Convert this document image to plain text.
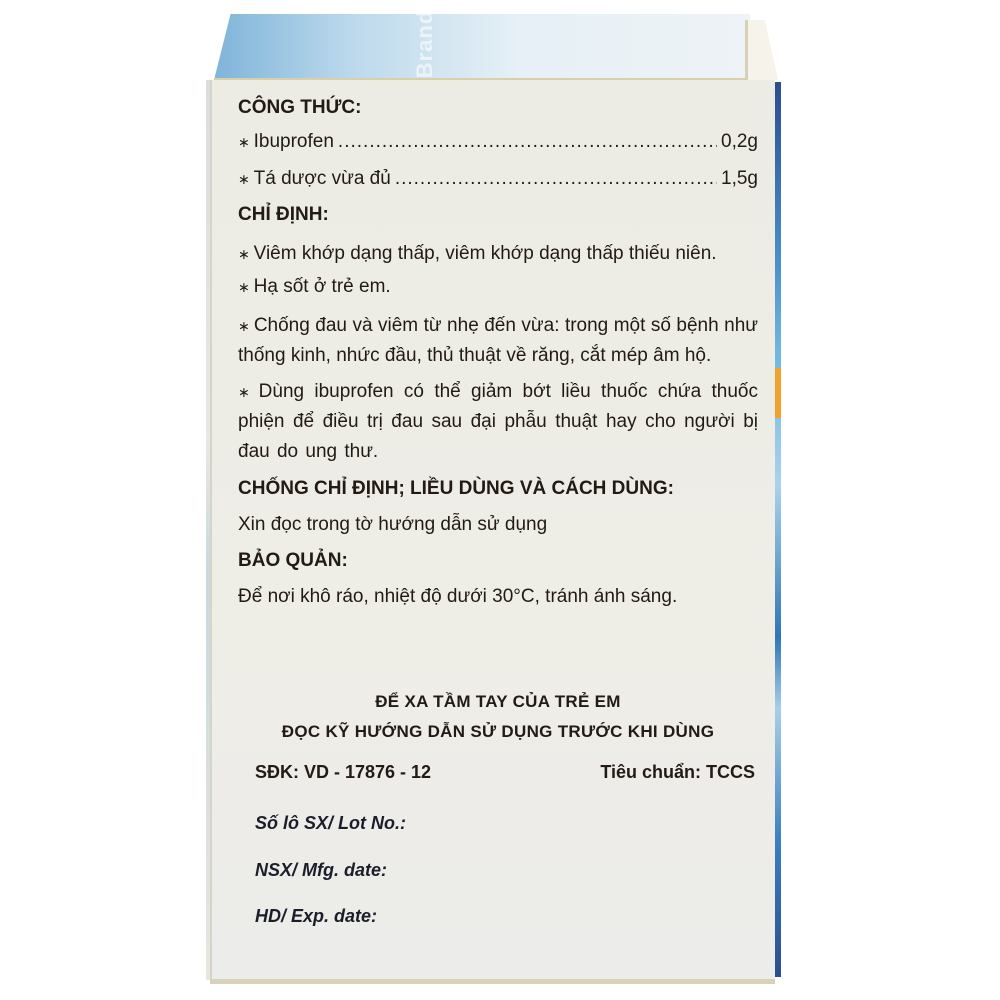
Brand

CÔNG THỨC:

∗ Ibuprofen .....	0,2g
∗ Tá dược vừa đủ .....	1,5g

CHỈ ĐỊNH:

∗ Viêm khớp dạng thấp, viêm khớp dạng thấp thiếu niên.

∗ Hạ sốt ở trẻ em.

∗ Chống đau và viêm từ nhẹ đến vừa: trong một số bệnh như thống kinh, nhức đầu, thủ thuật về răng, cắt mép âm hộ.

∗ Dùng ibuprofen có thể giảm bớt liều thuốc chứa thuốc phiện để điều trị đau sau đại phẫu thuật hay cho người bị đau do ung thư.

CHỐNG CHỈ ĐỊNH; LIỀU DÙNG VÀ CÁCH DÙNG:

Xin đọc trong tờ hướng dẫn sử dụng

BẢO QUẢN:

Để nơi khô ráo, nhiệt độ dưới 30°C, tránh ánh sáng.

ĐỂ XA TẦM TAY CỦA TRẺ EM
ĐỌC KỸ HƯỚNG DẪN SỬ DỤNG TRƯỚC KHI DÙNG
SĐK: VD - 17876 - 12	Tiêu chuẩn: TCCS
Số lô SX/ Lot No.:
NSX/ Mfg. date:
HD/ Exp. date:
